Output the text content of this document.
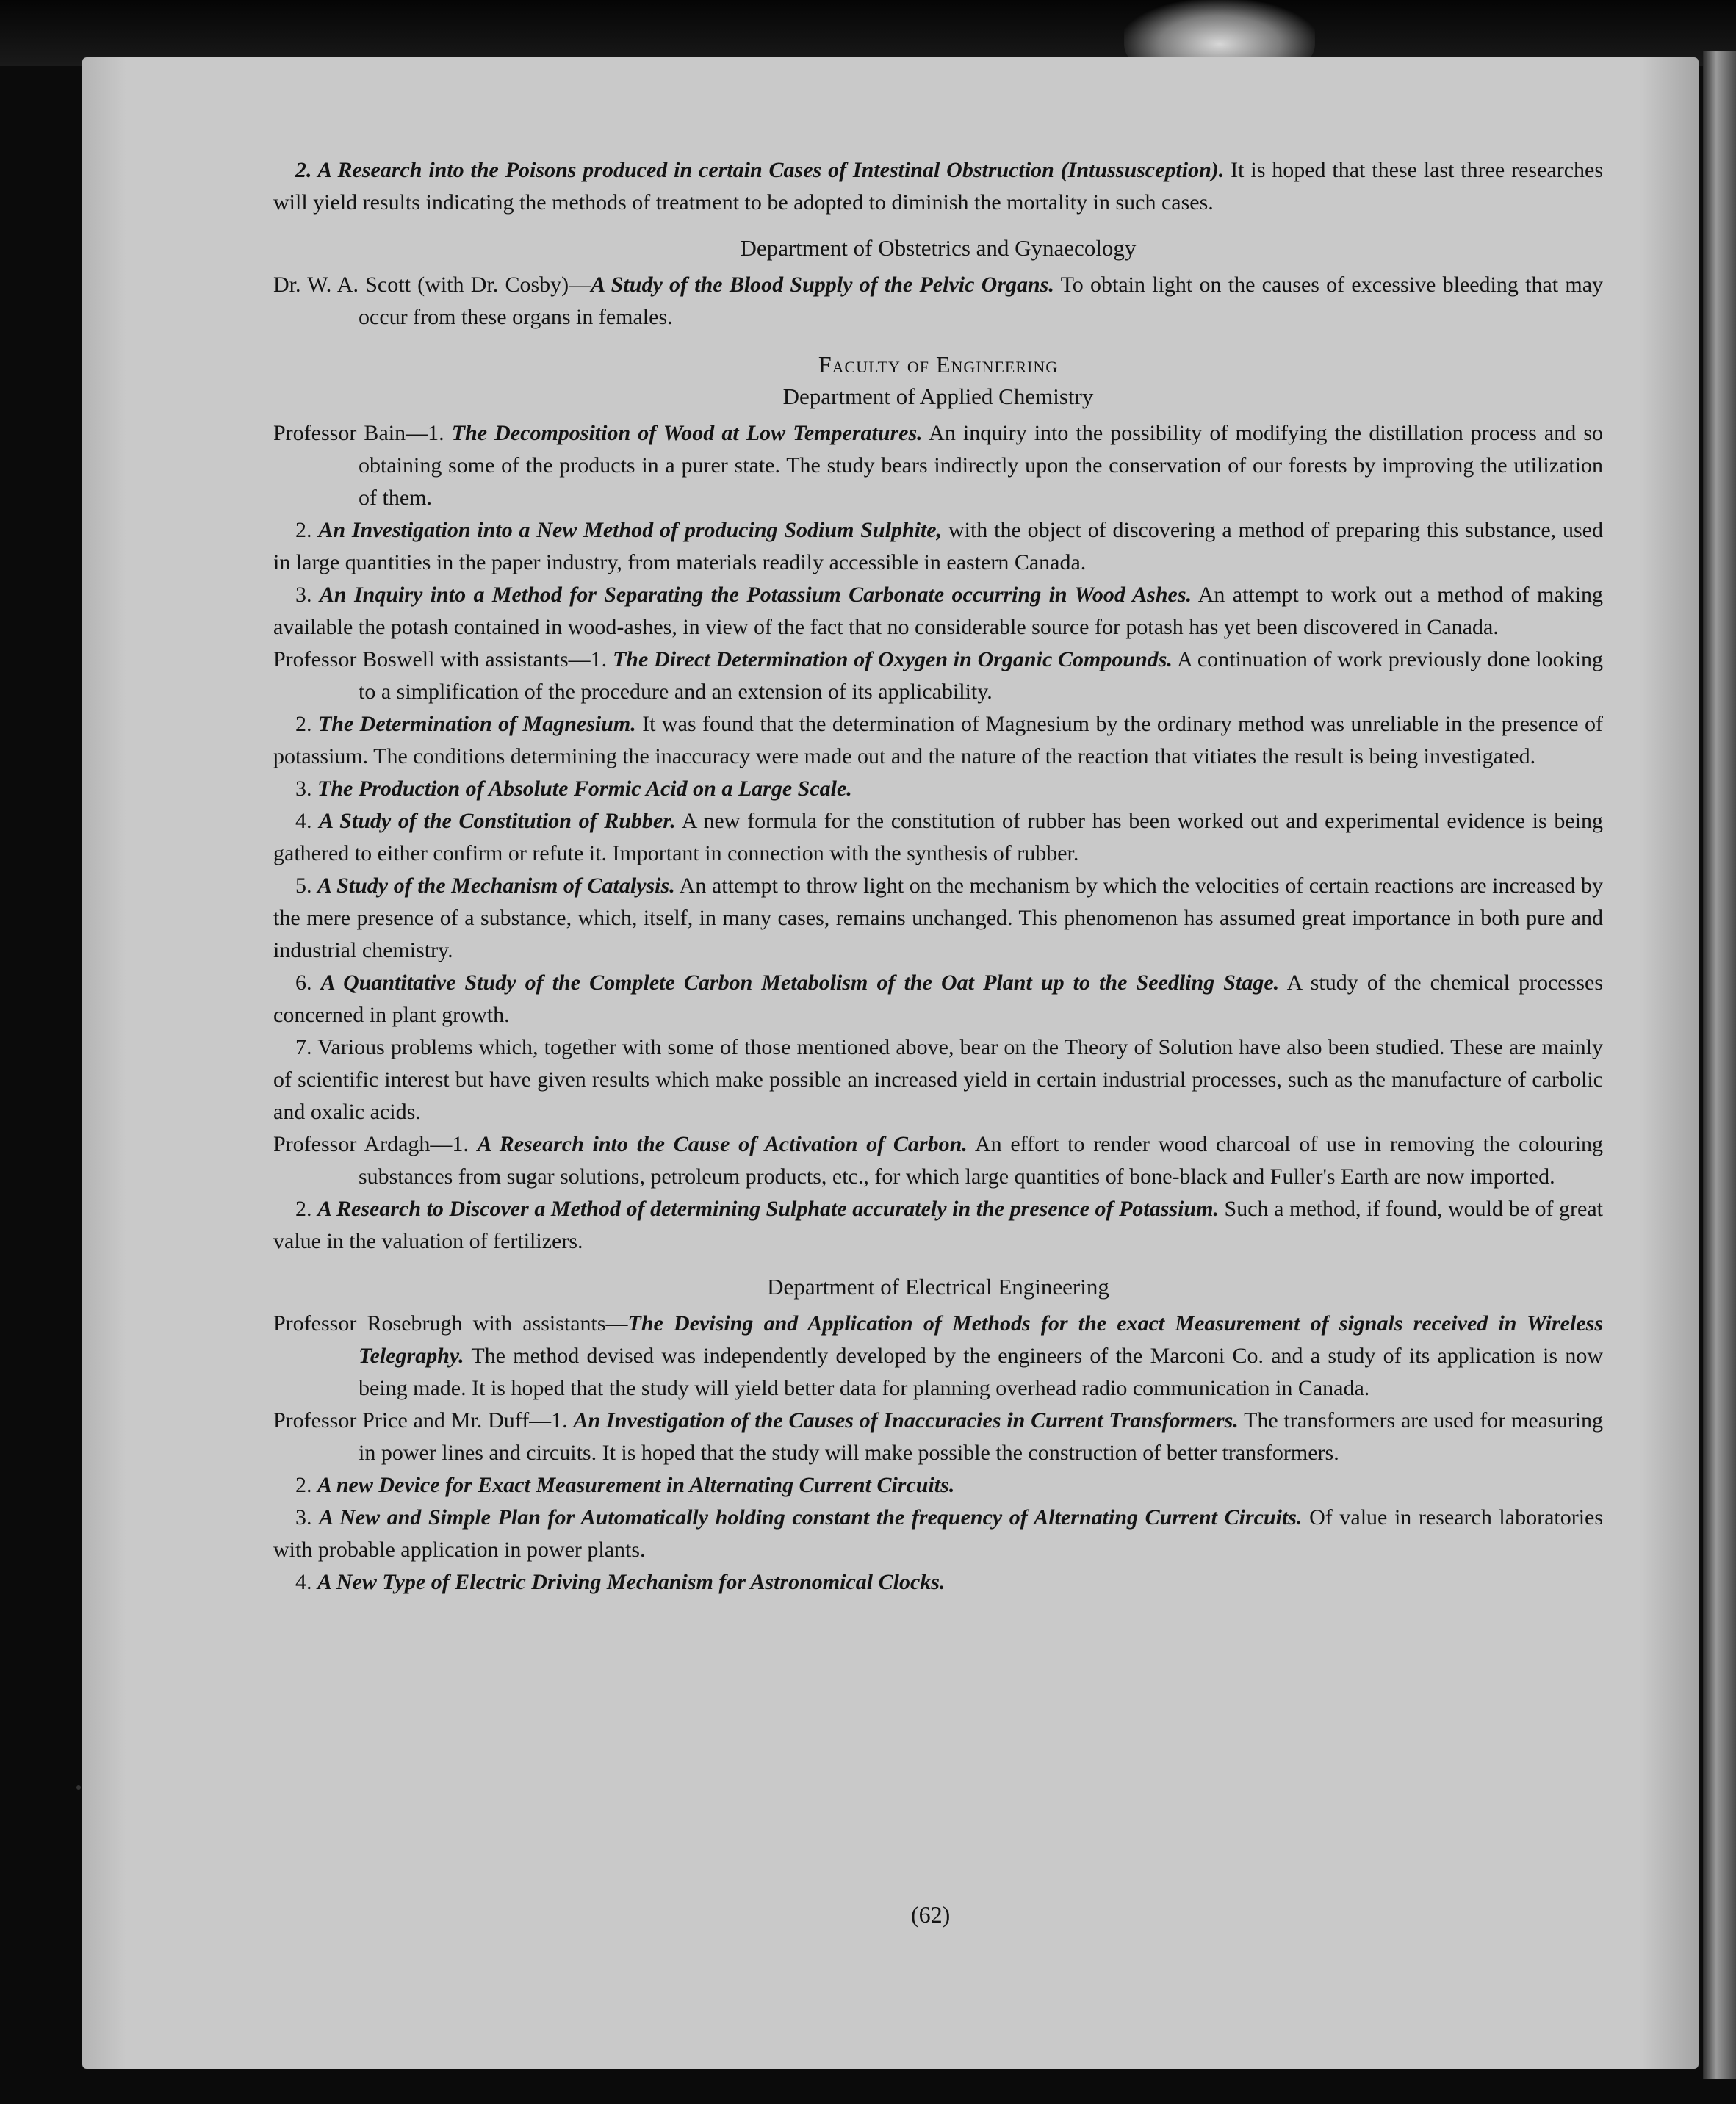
2. A Research into the Poisons produced in certain Cases of Intestinal Obstruction (Intussusception). It is hoped that these last three researches will yield results indicating the methods of treatment to be adopted to diminish the mortality in such cases.

Department of Obstetrics and Gynaecology

Dr. W. A. Scott (with Dr. Cosby)—A Study of the Blood Supply of the Pelvic Organs. To obtain light on the causes of excessive bleeding that may occur from these organs in females.

Faculty of Engineering

Department of Applied Chemistry

Professor Bain—1. The Decomposition of Wood at Low Temperatures. An inquiry into the possibility of modifying the distillation process and so obtaining some of the products in a purer state. The study bears indirectly upon the conservation of our forests by improving the utilization of them.

2. An Investigation into a New Method of producing Sodium Sulphite, with the object of discovering a method of preparing this substance, used in large quantities in the paper industry, from materials readily accessible in eastern Canada.

3. An Inquiry into a Method for Separating the Potassium Carbonate occurring in Wood Ashes. An attempt to work out a method of making available the potash contained in wood-ashes, in view of the fact that no considerable source for potash has yet been discovered in Canada.

Professor Boswell with assistants—1. The Direct Determination of Oxygen in Organic Compounds. A continuation of work previously done looking to a simplification of the procedure and an extension of its applicability.

2. The Determination of Magnesium. It was found that the determination of Magnesium by the ordinary method was unreliable in the presence of potassium. The conditions determining the inaccuracy were made out and the nature of the reaction that vitiates the result is being investigated.

3. The Production of Absolute Formic Acid on a Large Scale.

4. A Study of the Constitution of Rubber. A new formula for the constitution of rubber has been worked out and experimental evidence is being gathered to either confirm or refute it. Important in connection with the synthesis of rubber.

5. A Study of the Mechanism of Catalysis. An attempt to throw light on the mechanism by which the velocities of certain reactions are increased by the mere presence of a substance, which, itself, in many cases, remains unchanged. This phenomenon has assumed great importance in both pure and industrial chemistry.

6. A Quantitative Study of the Complete Carbon Metabolism of the Oat Plant up to the Seedling Stage. A study of the chemical processes concerned in plant growth.

7. Various problems which, together with some of those mentioned above, bear on the Theory of Solution have also been studied. These are mainly of scientific interest but have given results which make possible an increased yield in certain industrial processes, such as the manufacture of carbolic and oxalic acids.

Professor Ardagh—1. A Research into the Cause of Activation of Carbon. An effort to render wood charcoal of use in removing the colouring substances from sugar solutions, petroleum products, etc., for which large quantities of bone-black and Fuller's Earth are now imported.

2. A Research to Discover a Method of determining Sulphate accurately in the presence of Potassium. Such a method, if found, would be of great value in the valuation of fertilizers.

Department of Electrical Engineering

Professor Rosebrugh with assistants—The Devising and Application of Methods for the exact Measurement of signals received in Wireless Telegraphy. The method devised was independently developed by the engineers of the Marconi Co. and a study of its application is now being made. It is hoped that the study will yield better data for planning overhead radio communication in Canada.

Professor Price and Mr. Duff—1. An Investigation of the Causes of Inaccuracies in Current Transformers. The transformers are used for measuring in power lines and circuits. It is hoped that the study will make possible the construction of better transformers.

2. A new Device for Exact Measurement in Alternating Current Circuits.

3. A New and Simple Plan for Automatically holding constant the frequency of Alternating Current Circuits. Of value in research laboratories with probable application in power plants.

4. A New Type of Electric Driving Mechanism for Astronomical Clocks.

(62)
